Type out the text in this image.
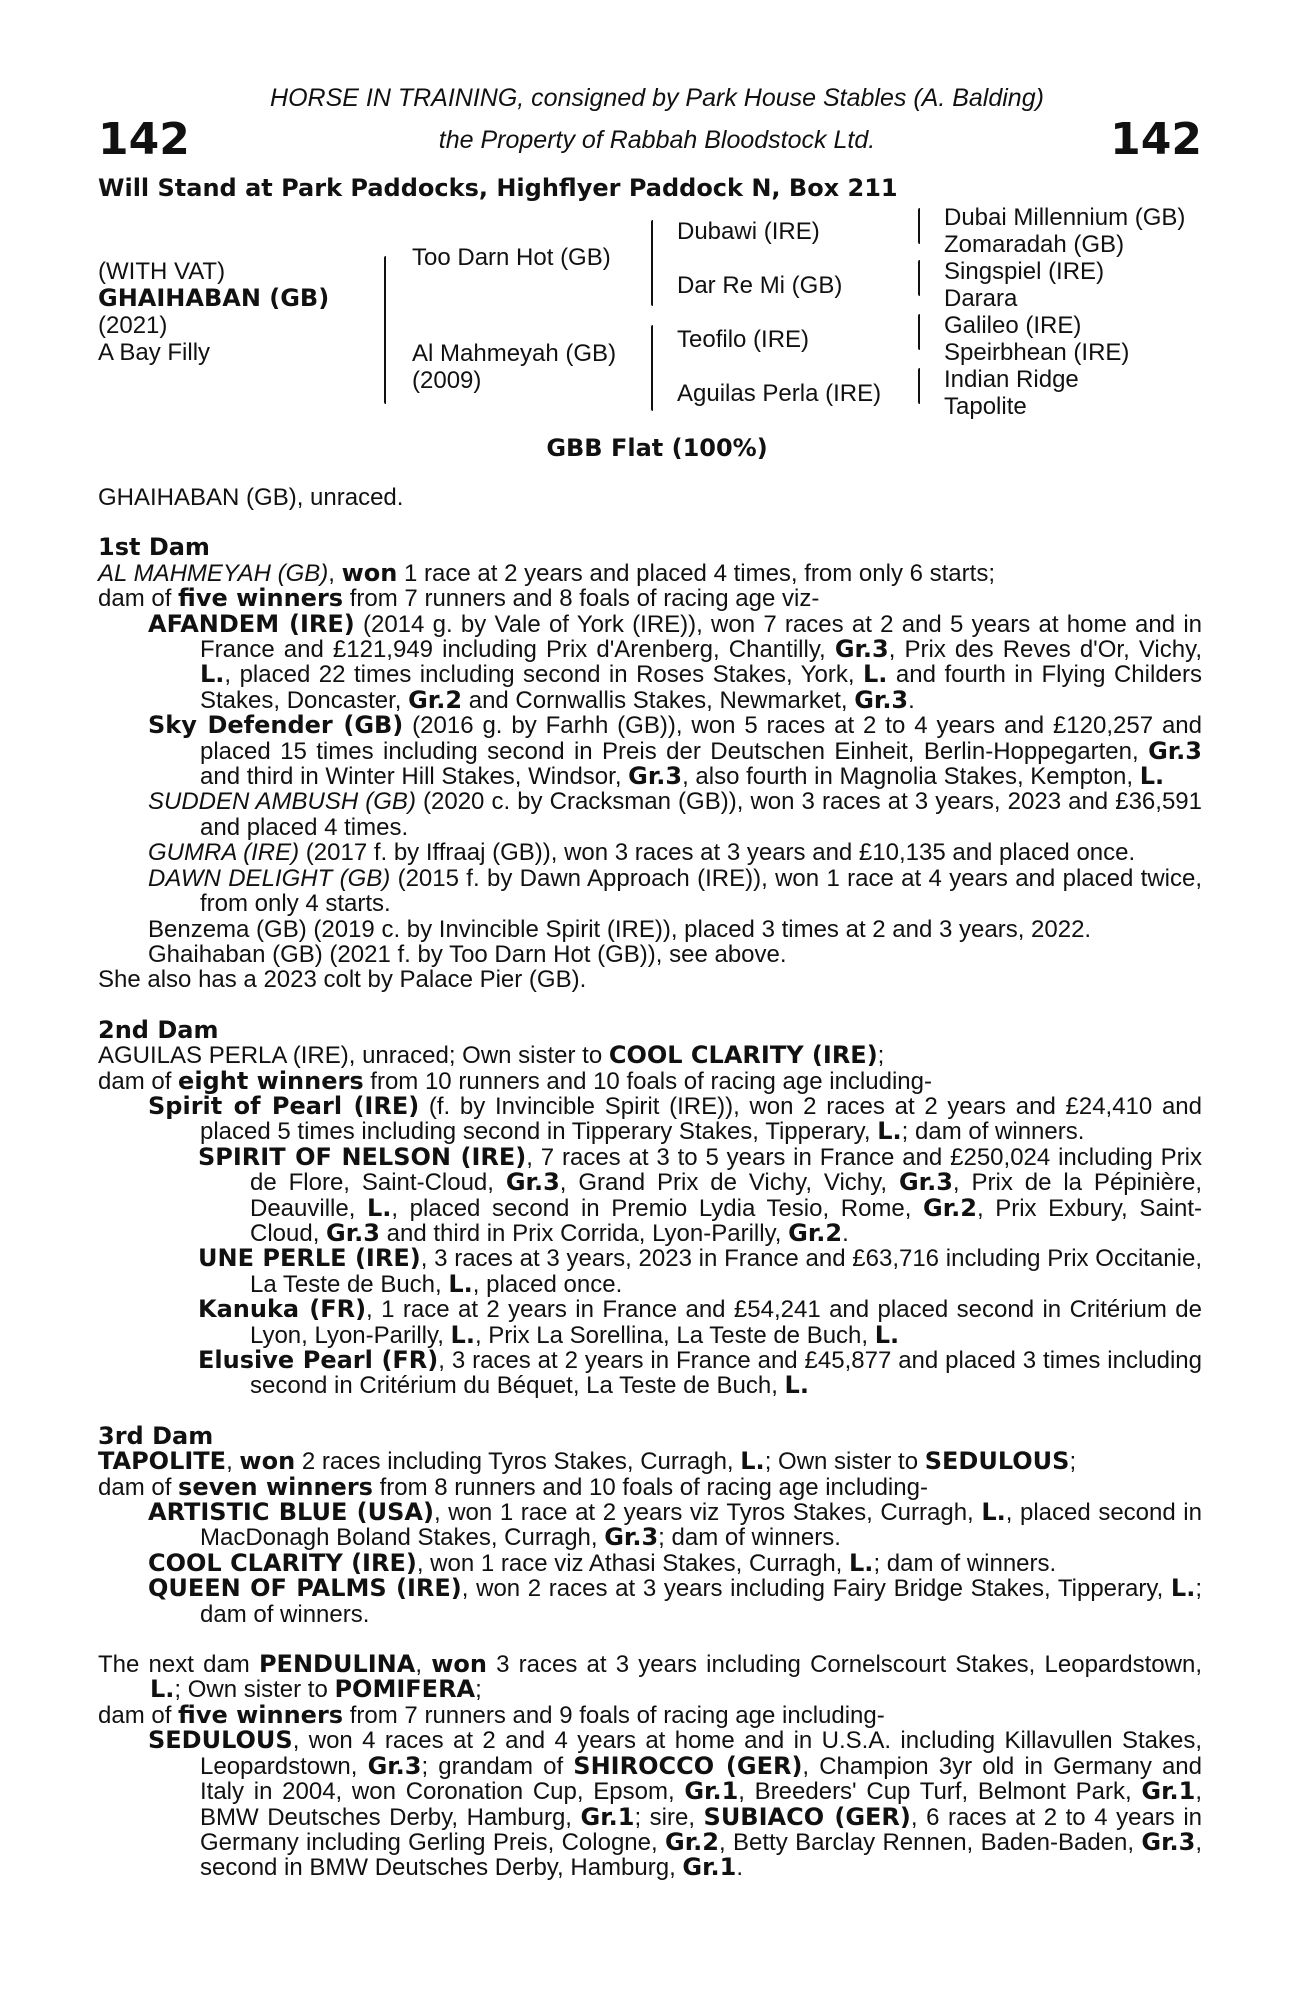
142	142
HORSE IN TRAINING, consigned by Park House Stables (A. Balding)
the Property of Rabbah Bloodstock Ltd.
Will Stand at Park Paddocks, Highflyer Paddock N, Box 211
(WITH VAT)
GHAIHABAN (GB)
(2021)
A Bay Filly
Too Darn Hot (GB)
Al Mahmeyah (GB)
(2009)
Dubawi (IRE)
Dar Re Mi (GB)
Teofilo (IRE)
Aguilas Perla (IRE)
Dubai Millennium (GB)
Zomaradah (GB)
Singspiel (IRE)
Darara
Galileo (IRE)
Speirbhean (IRE)
Indian Ridge
Tapolite
GBB Flat (100%)

GHAIHABAN (GB), unraced.

1st Dam

AL MAHMEYAH (GB), won 1 race at 2 years and placed 4 times, from only 6 starts;

dam of five winners from 7 runners and 8 foals of racing age viz-

AFANDEM (IRE) (2014 g. by Vale of York (IRE)), won 7 races at 2 and 5 years at home and in France and £121,949 including Prix d'Arenberg, Chantilly, Gr.3, Prix des Reves d'Or, Vichy, L., placed 22 times including second in Roses Stakes, York, L. and fourth in Flying Childers Stakes, Doncaster, Gr.2 and Cornwallis Stakes, Newmarket, Gr.3.

Sky Defender (GB) (2016 g. by Farhh (GB)), won 5 races at 2 to 4 years and £120,257 and placed 15 times including second in Preis der Deutschen Einheit, Berlin-Hoppegarten, Gr.3 and third in Winter Hill Stakes, Windsor, Gr.3, also fourth in Magnolia Stakes, Kempton, L.

SUDDEN AMBUSH (GB) (2020 c. by Cracksman (GB)), won 3 races at 3 years, 2023 and £36,591 and placed 4 times.

GUMRA (IRE) (2017 f. by Iffraaj (GB)), won 3 races at 3 years and £10,135 and placed once.

DAWN DELIGHT (GB) (2015 f. by Dawn Approach (IRE)), won 1 race at 4 years and placed twice, from only 4 starts.

Benzema (GB) (2019 c. by Invincible Spirit (IRE)), placed 3 times at 2 and 3 years, 2022.

Ghaihaban (GB) (2021 f. by Too Darn Hot (GB)), see above.

She also has a 2023 colt by Palace Pier (GB).

2nd Dam

AGUILAS PERLA (IRE), unraced; Own sister to COOL CLARITY (IRE);

dam of eight winners from 10 runners and 10 foals of racing age including-

Spirit of Pearl (IRE) (f. by Invincible Spirit (IRE)), won 2 races at 2 years and £24,410 and placed 5 times including second in Tipperary Stakes, Tipperary, L.; dam of winners.

SPIRIT OF NELSON (IRE), 7 races at 3 to 5 years in France and £250,024 including Prix de Flore, Saint-Cloud, Gr.3, Grand Prix de Vichy, Vichy, Gr.3, Prix de la Pépinière, Deauville, L., placed second in Premio Lydia Tesio, Rome, Gr.2, Prix Exbury, Saint-Cloud, Gr.3 and third in Prix Corrida, Lyon-Parilly, Gr.2.

UNE PERLE (IRE), 3 races at 3 years, 2023 in France and £63,716 including Prix Occitanie, La Teste de Buch, L., placed once.

Kanuka (FR), 1 race at 2 years in France and £54,241 and placed second in Critérium de Lyon, Lyon-Parilly, L., Prix La Sorellina, La Teste de Buch, L.

Elusive Pearl (FR), 3 races at 2 years in France and £45,877 and placed 3 times including second in Critérium du Béquet, La Teste de Buch, L.

3rd Dam

TAPOLITE, won 2 races including Tyros Stakes, Curragh, L.; Own sister to SEDULOUS;

dam of seven winners from 8 runners and 10 foals of racing age including-

ARTISTIC BLUE (USA), won 1 race at 2 years viz Tyros Stakes, Curragh, L., placed second in MacDonagh Boland Stakes, Curragh, Gr.3; dam of winners.

COOL CLARITY (IRE), won 1 race viz Athasi Stakes, Curragh, L.; dam of winners.

QUEEN OF PALMS (IRE), won 2 races at 3 years including Fairy Bridge Stakes, Tipperary, L.; dam of winners.

The next dam PENDULINA, won 3 races at 3 years including Cornelscourt Stakes, Leopardstown, L.; Own sister to POMIFERA;

dam of five winners from 7 runners and 9 foals of racing age including-

SEDULOUS, won 4 races at 2 and 4 years at home and in U.S.A. including Killavullen Stakes, Leopardstown, Gr.3; grandam of SHIROCCO (GER), Champion 3yr old in Germany and Italy in 2004, won Coronation Cup, Epsom, Gr.1, Breeders' Cup Turf, Belmont Park, Gr.1, BMW Deutsches Derby, Hamburg, Gr.1; sire, SUBIACO (GER), 6 races at 2 to 4 years in Germany including Gerling Preis, Cologne, Gr.2, Betty Barclay Rennen, Baden-Baden, Gr.3, second in BMW Deutsches Derby, Hamburg, Gr.1.
